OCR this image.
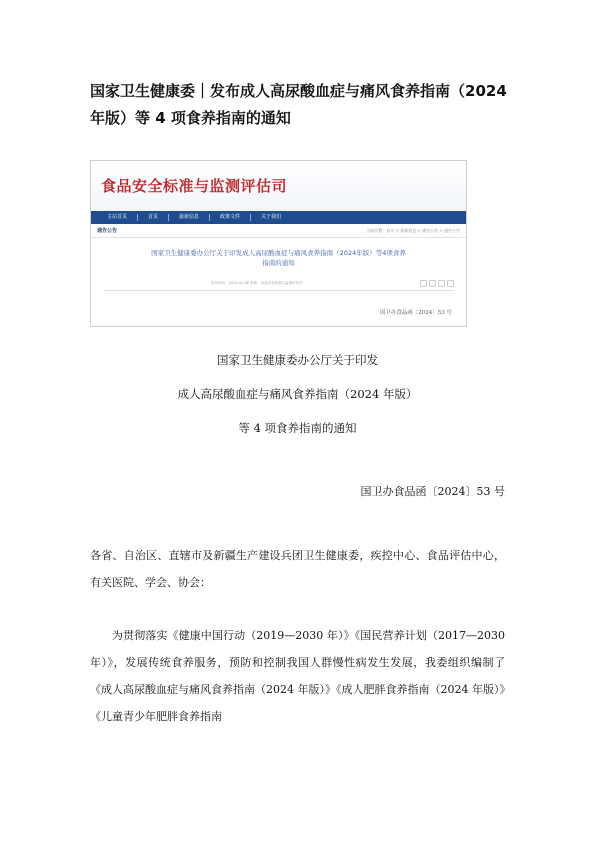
国家卫生健康委｜发布成人高尿酸血症与痛风食养指南（2024 年版）等 4 项食养指南的通知
食品安全标准与监测评估司
主站首页	首页	最新信息	政策文件	关于我们
通告公告	当前位置：首页 > 最新信息 > 通告公告 > 通告公告
国家卫生健康委办公厅关于印发成人高尿酸血症与痛风食养指南（2024年版）等4项食养指南的通知
发布时间：2024-02-08 来源：食品安全标准与监测评估司
国卫办食品函〔2024〕53 号
国家卫生健康委办公厅关于印发
成人高尿酸血症与痛风食养指南（2024 年版）
等 4 项食养指南的通知
国卫办食品函〔2024〕53 号

各省、自治区、直辖市及新疆生产建设兵团卫生健康委，疾控中心、食品评估中心，有关医院、学会、协会：

为贯彻落实《健康中国行动（2019—2030 年）》《国民营养计划（2017—2030 年）》，发展传统食养服务，预防和控制我国人群慢性病发生发展，我委组织编制了《成人高尿酸血症与痛风食养指南（2024 年版）》《成人肥胖食养指南（2024 年版）》《儿童青少年肥胖食养指南
